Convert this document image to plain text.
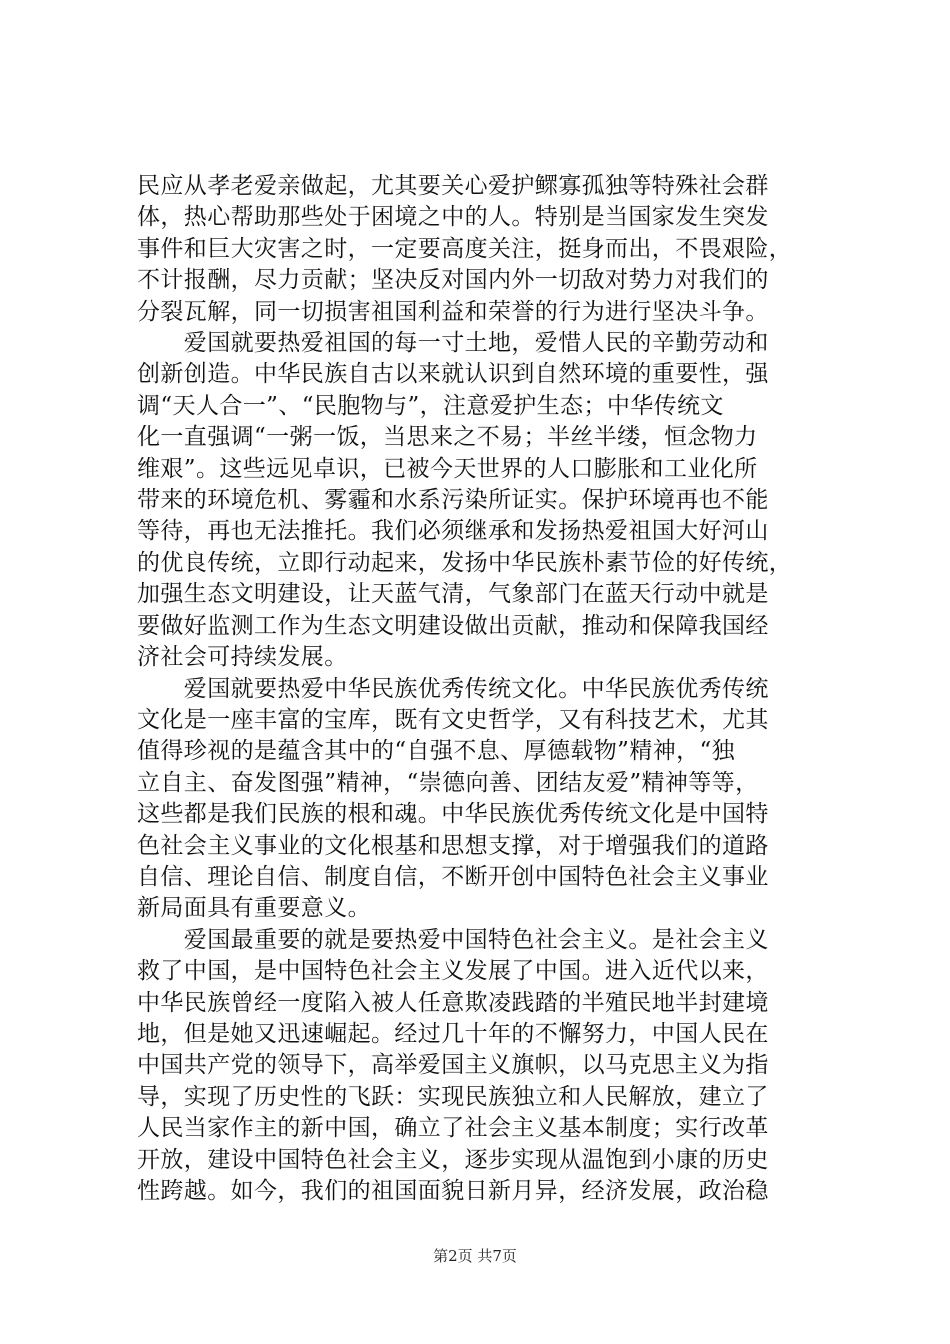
民应从孝老爱亲做起，尤其要关心爱护鳏寡孤独等特殊社会群
体，热心帮助那些处于困境之中的人。特别是当国家发生突发
事件和巨大灾害之时，一定要高度关注，挺身而出，不畏艰险，
不计报酬，尽力贡献；坚决反对国内外一切敌对势力对我们的
分裂瓦解，同一切损害祖国利益和荣誉的行为进行坚决斗争。
　　爱国就要热爱祖国的每一寸土地，爱惜人民的辛勤劳动和
创新创造。中华民族自古以来就认识到自然环境的重要性，强
调“天人合一”、“民胞物与”，注意爱护生态；中华传统文
化一直强调“一粥一饭，当思来之不易；半丝半缕，恒念物力
维艰”。这些远见卓识，已被今天世界的人口膨胀和工业化所
带来的环境危机、雾霾和水系污染所证实。保护环境再也不能
等待，再也无法推托。我们必须继承和发扬热爱祖国大好河山
的优良传统，立即行动起来，发扬中华民族朴素节俭的好传统，
加强生态文明建设，让天蓝气清，气象部门在蓝天行动中就是
要做好监测工作为生态文明建设做出贡献，推动和保障我国经
济社会可持续发展。
　　爱国就要热爱中华民族优秀传统文化。中华民族优秀传统
文化是一座丰富的宝库，既有文史哲学，又有科技艺术，尤其
值得珍视的是蕴含其中的“自强不息、厚德载物”精神，“独
立自主、奋发图强”精神，“崇德向善、团结友爱”精神等等，
这些都是我们民族的根和魂。中华民族优秀传统文化是中国特
色社会主义事业的文化根基和思想支撑，对于增强我们的道路
自信、理论自信、制度自信，不断开创中国特色社会主义事业
新局面具有重要意义。
　　爱国最重要的就是要热爱中国特色社会主义。是社会主义
救了中国，是中国特色社会主义发展了中国。进入近代以来，
中华民族曾经一度陷入被人任意欺凌践踏的半殖民地半封建境
地，但是她又迅速崛起。经过几十年的不懈努力，中国人民在
中国共产党的领导下，高举爱国主义旗帜，以马克思主义为指
导，实现了历史性的飞跃：实现民族独立和人民解放，建立了
人民当家作主的新中国，确立了社会主义基本制度；实行改革
开放，建设中国特色社会主义，逐步实现从温饱到小康的历史
性跨越。如今，我们的祖国面貌日新月异，经济发展，政治稳
第2页 共7页
